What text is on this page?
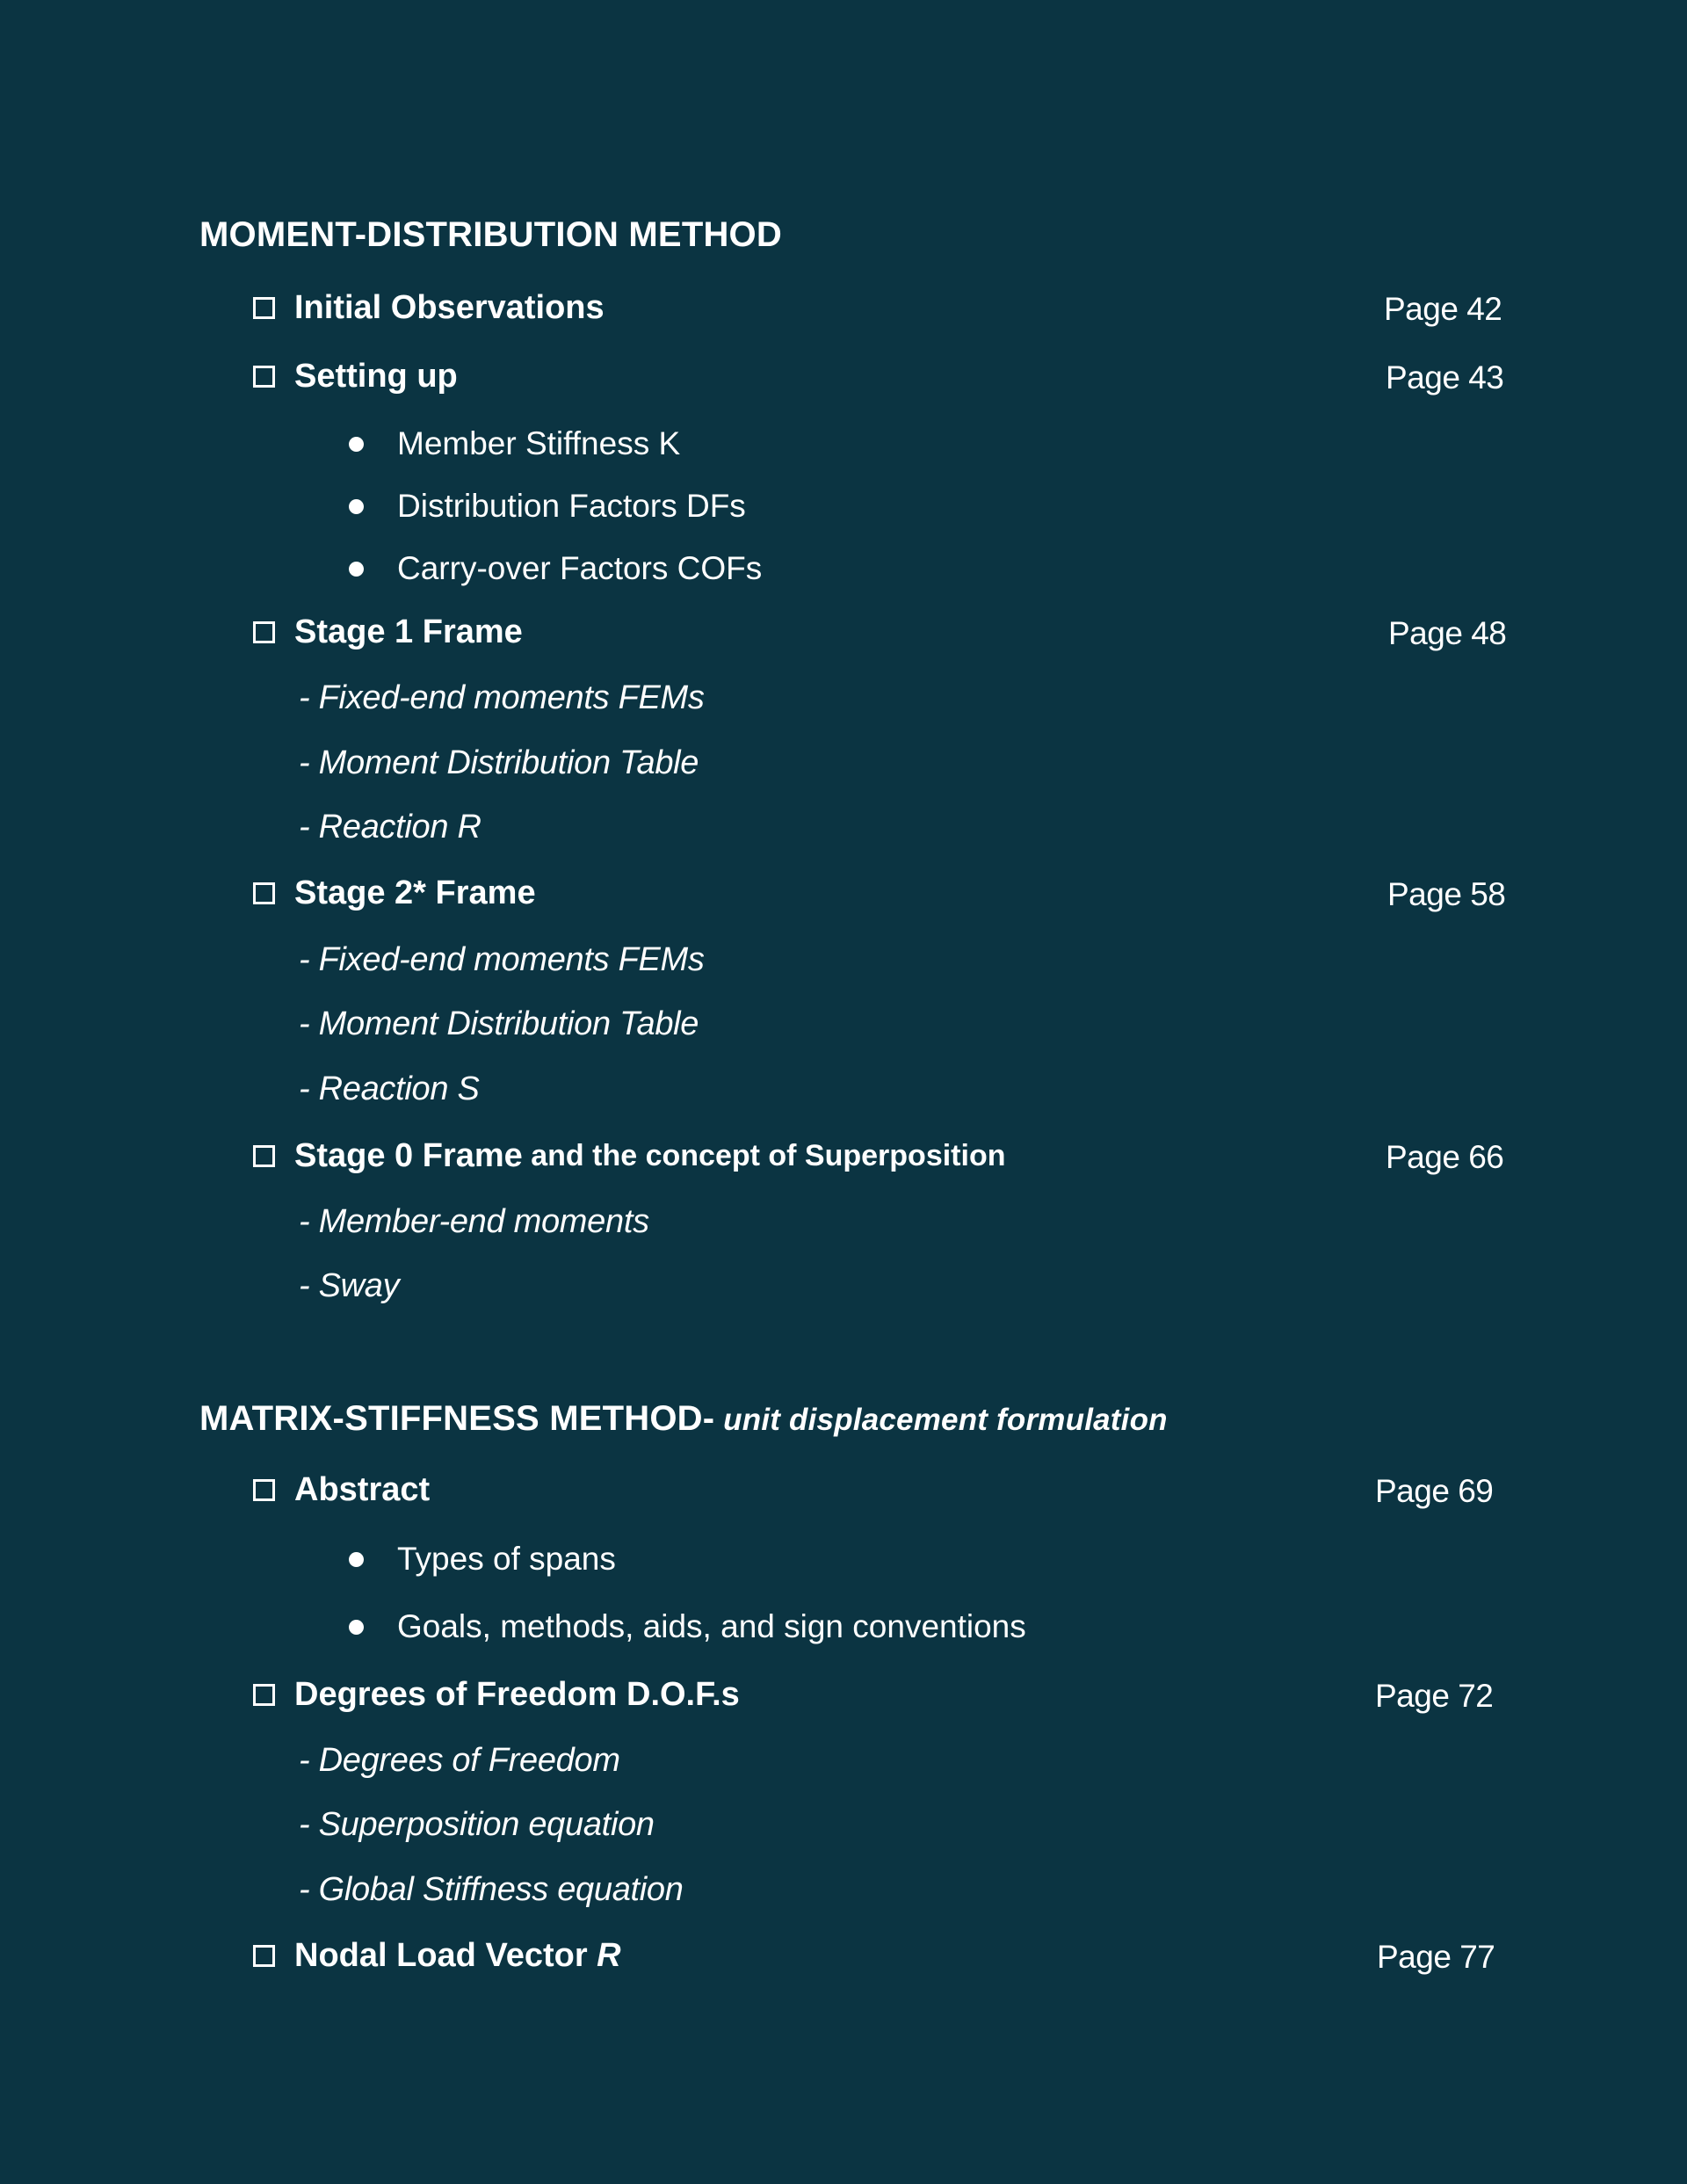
MOMENT-DISTRIBUTION METHOD
Initial Observations	Page 42
Setting up	Page 43
Member Stiffness K
Distribution Factors DFs
Carry-over Factors COFs
Stage 1 Frame	Page 48
- Fixed-end moments FEMs
- Moment Distribution Table
- Reaction R
Stage 2* Frame	Page 58
- Fixed-end moments FEMs
- Moment Distribution Table
- Reaction S
Stage 0 Frame and the concept of Superposition	Page 66
- Member-end moments
- Sway
MATRIX-STIFFNESS METHOD- unit displacement formulation
Abstract	Page 69
Types of spans
Goals, methods, aids, and sign conventions
Degrees of Freedom D.O.F.s	Page 72
- Degrees of Freedom
- Superposition equation
- Global Stiffness equation
Nodal Load Vector R	Page 77
